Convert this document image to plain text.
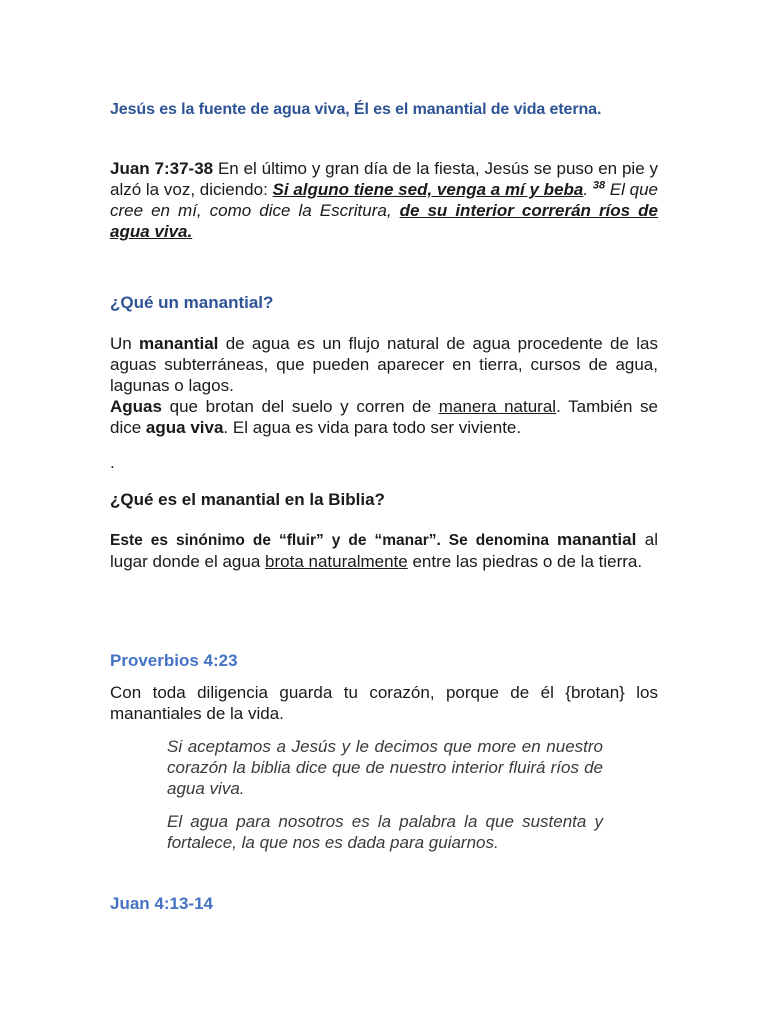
Jesús es la fuente de agua viva, Él es el manantial de vida eterna.

Juan 7:37-38 En el último y gran día de la fiesta, Jesús se puso en pie y alzó la voz, diciendo: Si alguno tiene sed, venga a mí y beba. $^{38}$ El que cree en mí, como dice la Escritura, de su interior correrán ríos de agua viva.

¿Qué un manantial?

Un manantial de agua es un flujo natural de agua procedente de las aguas subterráneas, que pueden aparecer en tierra, cursos de agua, lagunas o lagos.
Aguas que brotan del suelo y corren de manera natural. También se dice agua viva. El agua es vida para todo ser viviente.

.

¿Qué es el manantial en la Biblia?

Este es sinónimo de “fluir” y de “manar”. Se denomina manantial al lugar donde el agua brota naturalmente entre las piedras o de la tierra.

Proverbios 4:23

Con toda diligencia guarda tu corazón, porque de él {brotan} los manantiales de la vida.

Si aceptamos a Jesús y le decimos que more en nuestro corazón la biblia dice que de nuestro interior fluirá ríos de agua viva.

El agua para nosotros es la palabra la que sustenta y fortalece, la que nos es dada para guiarnos.

Juan 4:13-14
